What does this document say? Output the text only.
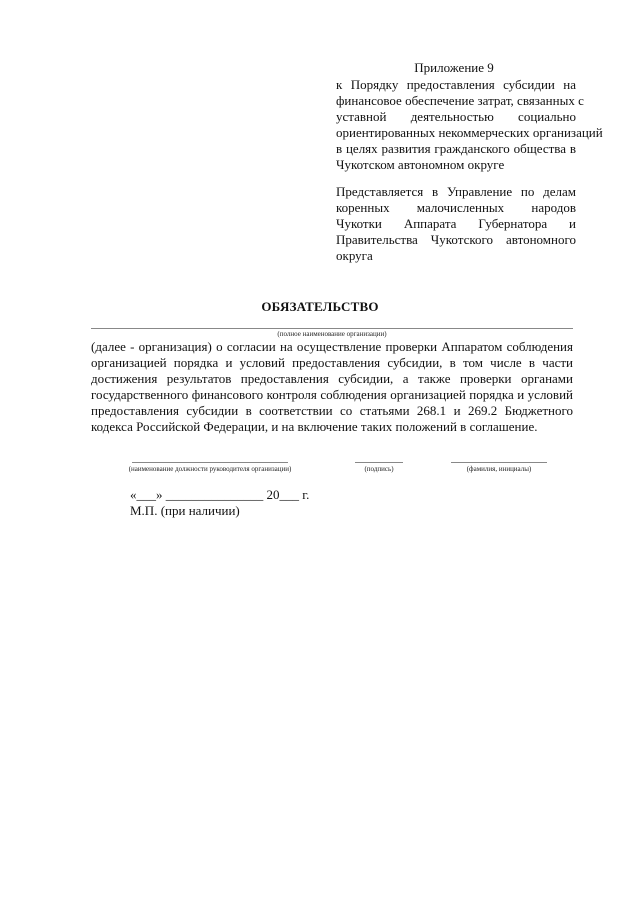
Приложение 9
к Порядку предоставления субсидии на
финансовое обеспечение затрат, связанных с
уставной деятельностью социально
ориентированных некоммерческих организаций
в целях развития гражданского общества в
Чукотском автономном округе
Представляется в Управление по делам
коренных малочисленных народов
Чукотки Аппарата Губернатора и
Правительства Чукотского автономного
округа
ОБЯЗАТЕЛЬСТВО
(полное наименование организации)
(далее - организация) о согласии на осуществление проверки Аппаратом соблюдения
организацией порядка и условий предоставления субсидии, в том числе в части
достижения результатов предоставления субсидии, а также проверки органами
государственного финансового контроля соблюдения организацией порядка и условий
предоставления субсидии в соответствии со статьями 268.1 и 269.2 Бюджетного
кодекса Российской Федерации, и на включение таких положений в соглашение.
(наименование должности руководителя организации)	(подпись)	(фамилия, инициалы)
«___» _______________ 20___ г.
М.П. (при наличии)
